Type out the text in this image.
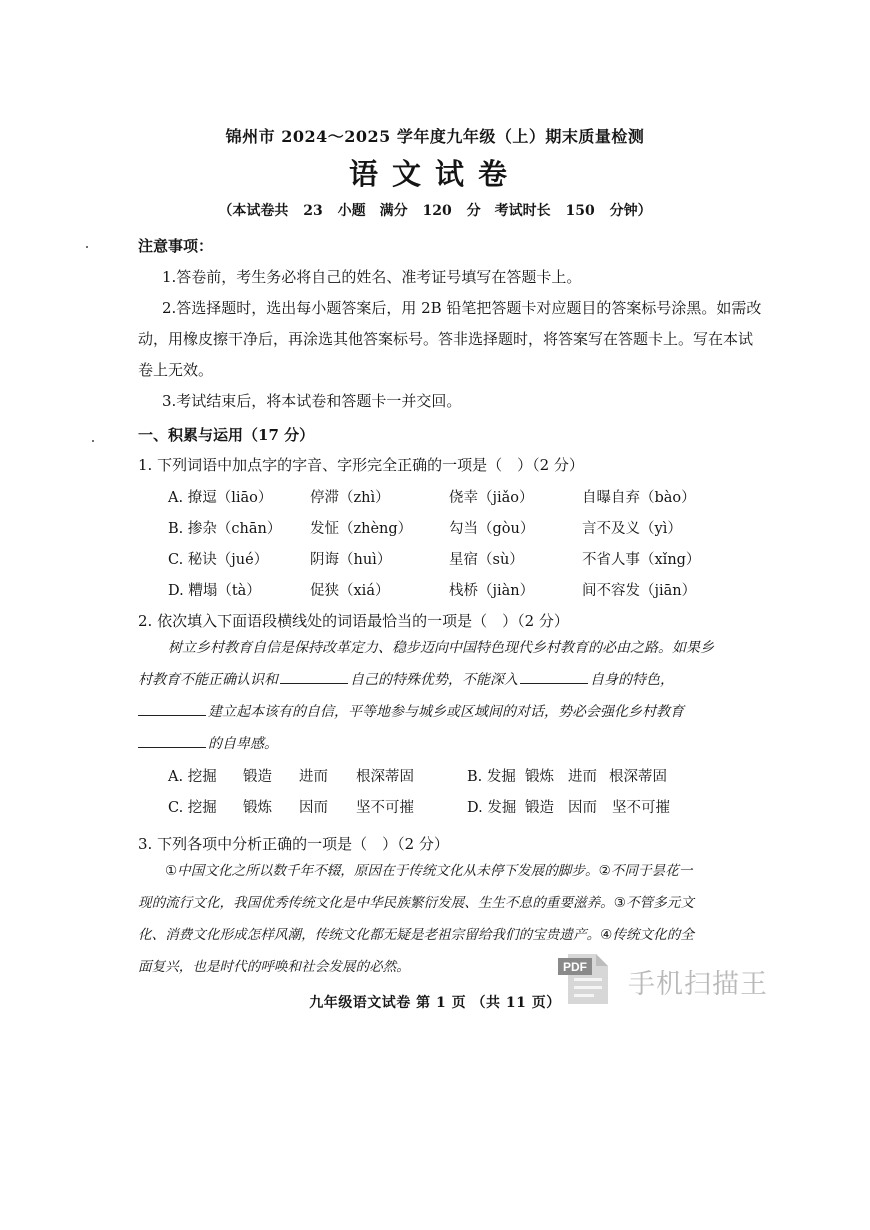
锦州市 2024～2025 学年度九年级（上）期末质量检测
语文试卷
（本试卷共 23 小题　满分 120 分　考试时长 150 分钟）
注意事项：
1.答卷前，考生务必将自己的姓名、准考证号填写在答题卡上。
2.答选择题时，选出每小题答案后，用 2B 铅笔把答题卡对应题目的答案标号涂黑。如需改
动，用橡皮擦干净后，再涂选其他答案标号。答非选择题时，将答案写在答题卡上。写在本试
卷上无效。
3.考试结束后，将本试卷和答题卡一并交回。
一、积累与运用（17 分）
1. 下列词语中加点字的字音、字形完全正确的一项是（　）（2 分）
A. 撩逗（liāo）	停滞（zhì）	侥幸（jiǎo）	自曝自弃（bào）
B. 掺杂（chān） 发怔（zhèng）	勾当（gòu）	言不及义（yì）
C. 秘诀（jué）	阴诲（huì）	星宿（sù）	不省人事（xǐng）
D. 糟塌（tà）	促狭（xiá）	栈桥（jiàn）	间不容发（jiān）
2. 依次填入下面语段横线处的词语最恰当的一项是（　）（2 分）
树立乡村教育自信是保持改革定力、稳步迈向中国特色现代乡村教育的必由之路。如果乡
村教育不能正确认识和	自己的特殊优势，不能深入	自身的特色，
建立起本该有的自信，平等地参与城乡或区域间的对话，势必会强化乡村教育
的自卑感。
A. 挖掘 锻造 进而 根深蒂固	B. 发掘 锻炼 进而 根深蒂固
C. 挖掘 锻炼 因而 坚不可摧	D. 发掘 锻造 因而 坚不可摧
3. 下列各项中分析正确的一项是（　）（2 分）
①中国文化之所以数千年不辍，原因在于传统文化从未停下发展的脚步。②不同于昙花一
现的流行文化，我国优秀传统文化是中华民族繁衍发展、生生不息的重要滋养。③不管多元文
化、消费文化形成怎样风潮，传统文化都无疑是老祖宗留给我们的宝贵遗产。④传统文化的全
面复兴，也是时代的呼唤和社会发展的必然。
九年级语文试卷 第 1 页 （共 11 页）
PDF
手机扫描王
